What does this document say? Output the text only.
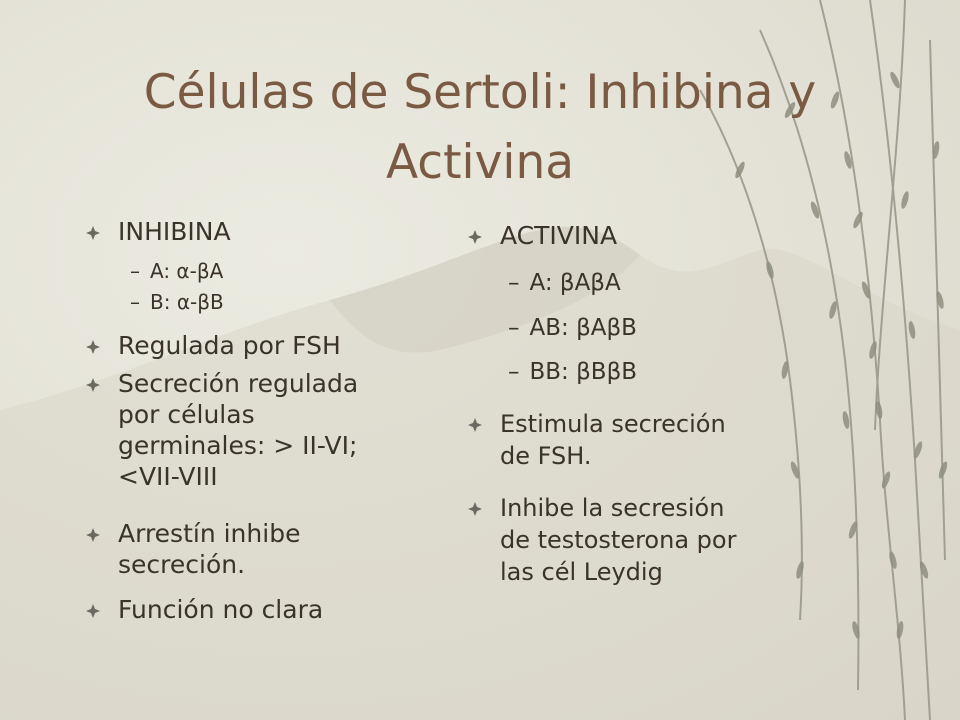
Células de Sertoli: Inhibina y
Activina
INHIBINA
– A: α-βA
– B: α-βB
Regulada por FSH
Secreción regulada
por células
germinales: > II-VI;
<VII-VIII
Arrestín inhibe
secreción.
Función no clara
ACTIVINA
– A: βAβA
– AB: βAβB
– BB: βBβB
Estimula secreción
de FSH.
Inhibe la secresión
de testosterona por
las cél Leydig
